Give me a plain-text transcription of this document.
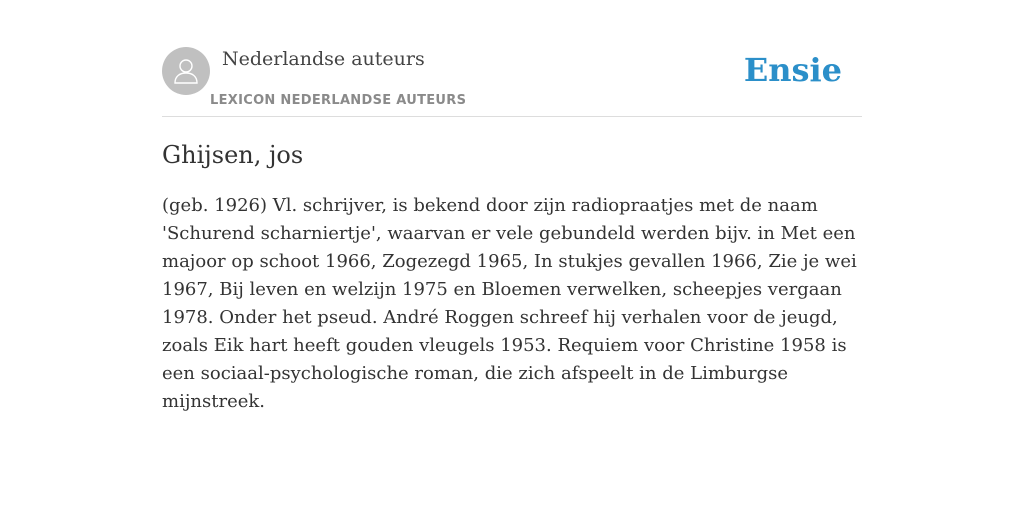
Nederlandse auteurs
LEXICON NEDERLANDSE AUTEURS
Ensie
Ghijsen, jos

(geb. 1926) Vl. schrijver, is bekend door zijn radiopraatjes met de naam 'Schurend scharniertje', waarvan er vele gebundeld werden bijv. in Met een majoor op schoot 1966, Zogezegd 1965, In stukjes gevallen 1966, Zie je wei 1967, Bij leven en welzijn 1975 en Bloemen verwelken, scheepjes vergaan 1978. Onder het pseud. André Roggen schreef hij verhalen voor de jeugd, zoals Eik hart heeft gouden vleugels 1953. Requiem voor Christine 1958 is een sociaal-psychologische roman, die zich afspeelt in de Limburgse mijnstreek.
